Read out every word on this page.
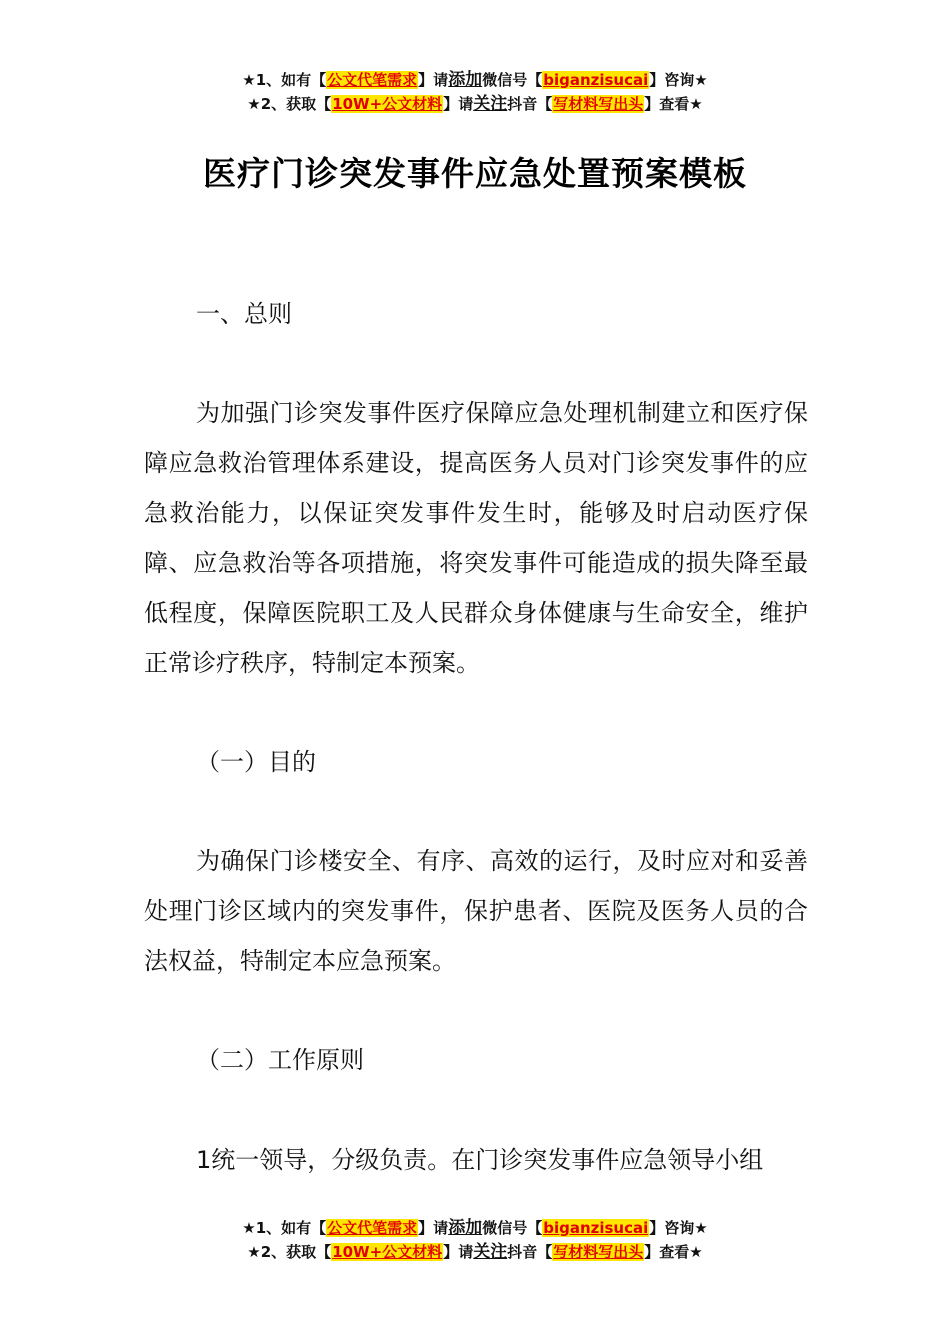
★1、如有【公文代笔需求】请添加微信号【biganzisucai】咨询★
★2、获取【10W+公文材料】请关注抖音【写材料写出头】查看★
医疗门诊突发事件应急处置预案模板

一、总则

为加强门诊突发事件医疗保障应急处理机制建立和医疗保障应急救治管理体系建设，提高医务人员对门诊突发事件的应急救治能力，以保证突发事件发生时，能够及时启动医疗保障、应急救治等各项措施，将突发事件可能造成的损失降至最低程度，保障医院职工及人民群众身体健康与生命安全，维护正常诊疗秩序，特制定本预案。

（一）目的

为确保门诊楼安全、有序、高效的运行，及时应对和妥善处理门诊区域内的突发事件，保护患者、医院及医务人员的合法权益，特制定本应急预案。

（二）工作原则

1统一领导，分级负责。在门诊突发事件应急领导小组

★1、如有【公文代笔需求】请添加微信号【biganzisucai】咨询★
★2、获取【10W+公文材料】请关注抖音【写材料写出头】查看★
